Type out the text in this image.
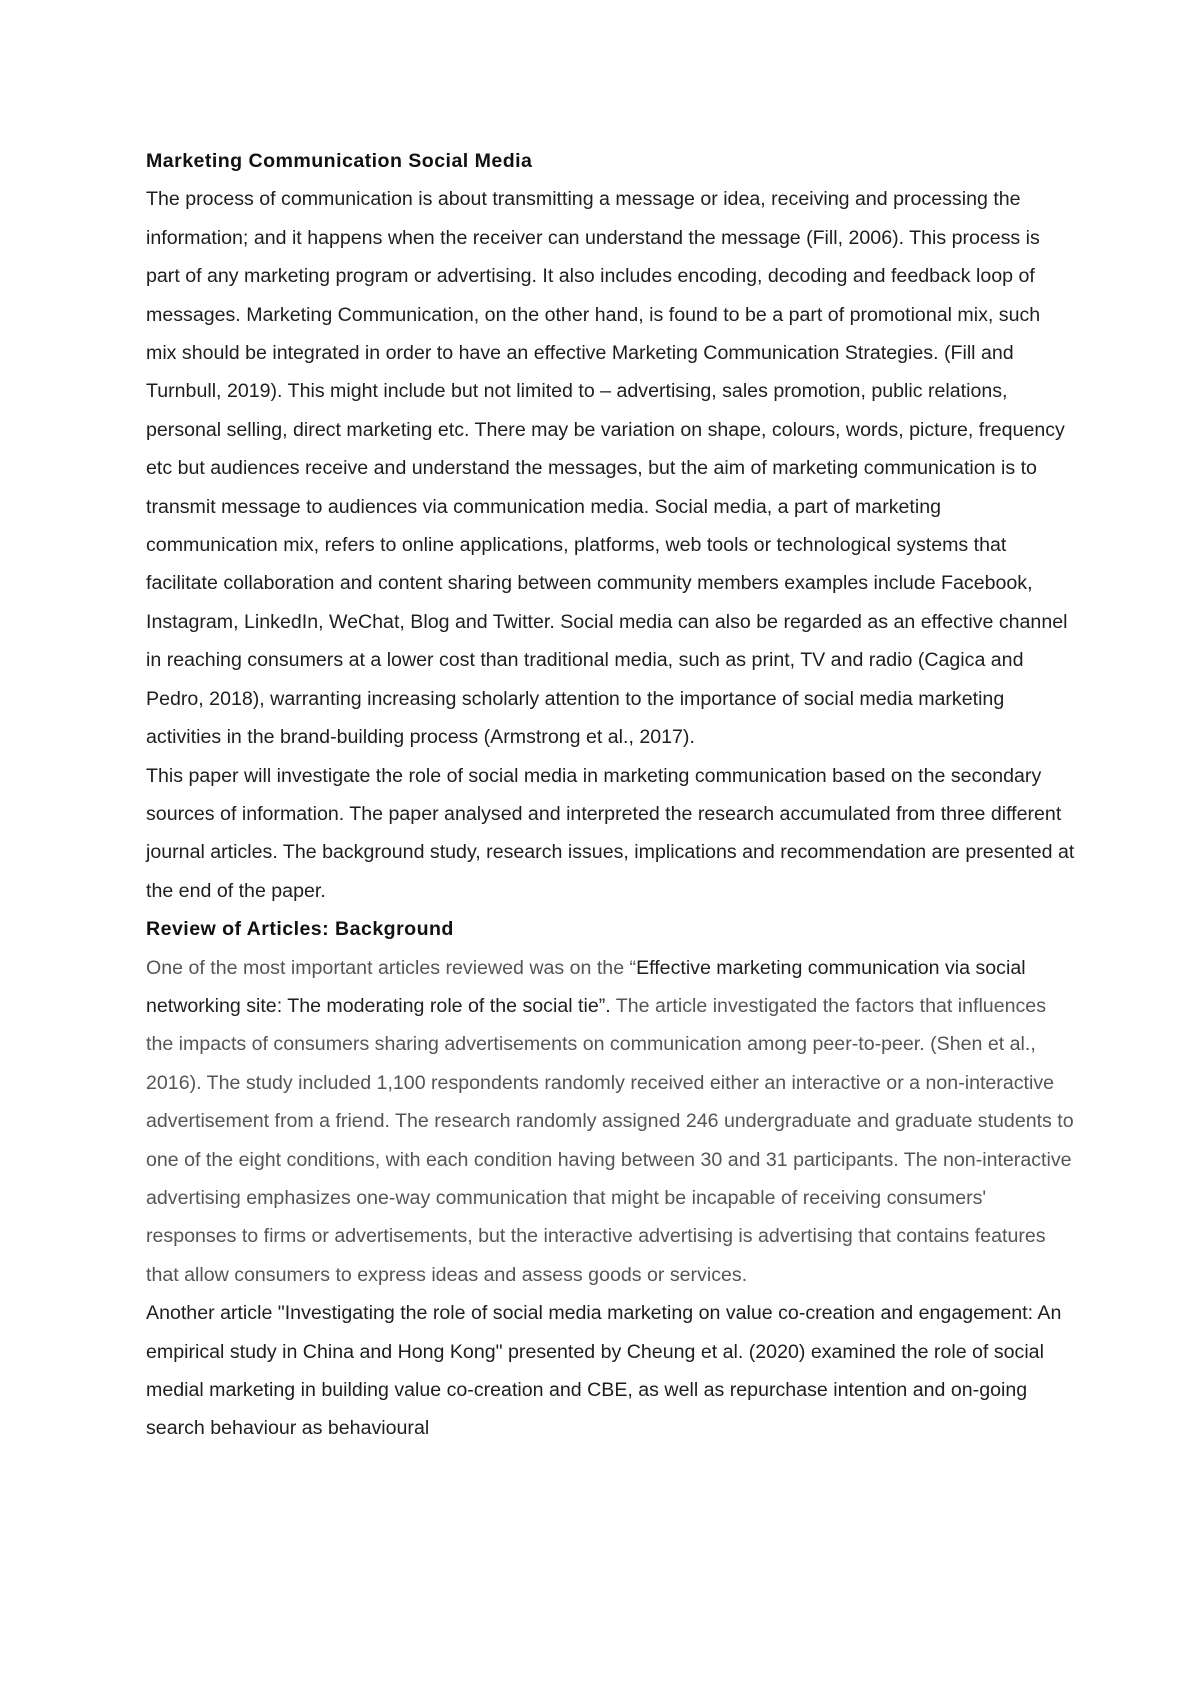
Marketing Communication Social Media

The process of communication is about transmitting a message or idea, receiving and processing the information; and it happens when the receiver can understand the message (Fill, 2006). This process is part of any marketing program or advertising. It also includes encoding, decoding and feedback loop of messages. Marketing Communication, on the other hand, is found to be a part of promotional mix, such mix should be integrated in order to have an effective Marketing Communication Strategies. (Fill and Turnbull, 2019). This might include but not limited to – advertising, sales promotion, public relations, personal selling, direct marketing etc. There may be variation on shape, colours, words, picture, frequency etc but audiences receive and understand the messages, but the aim of marketing communication is to transmit message to audiences via communication media. Social media, a part of marketing communication mix, refers to online applications, platforms, web tools or technological systems that facilitate collaboration and content sharing between community members examples include Facebook, Instagram, LinkedIn, WeChat, Blog and Twitter. Social media can also be regarded as an effective channel in reaching consumers at a lower cost than traditional media, such as print, TV and radio (Cagica and Pedro, 2018), warranting increasing scholarly attention to the importance of social media marketing activities in the brand-building process (Armstrong et al., 2017).

This paper will investigate the role of social media in marketing communication based on the secondary sources of information. The paper analysed and interpreted the research accumulated from three different journal articles. The background study, research issues, implications and recommendation are presented at the end of the paper.

Review of Articles: Background

One of the most important articles reviewed was on the “Effective marketing communication via social networking site: The moderating role of the social tie”. The article investigated the factors that influences the impacts of consumers sharing advertisements on communication among peer-to-peer. (Shen et al., 2016). The study included 1,100 respondents randomly received either an interactive or a non-interactive advertisement from a friend. The research randomly assigned 246 undergraduate and graduate students to one of the eight conditions, with each condition having between 30 and 31 participants. The non-interactive advertising emphasizes one-way communication that might be incapable of receiving consumers' responses to firms or advertisements, but the interactive advertising is advertising that contains features that allow consumers to express ideas and assess goods or services.

Another article "Investigating the role of social media marketing on value co-creation and engagement: An empirical study in China and Hong Kong" presented by Cheung et al. (2020) examined the role of social medial marketing in building value co-creation and CBE, as well as repurchase intention and on-going search behaviour as behavioural
